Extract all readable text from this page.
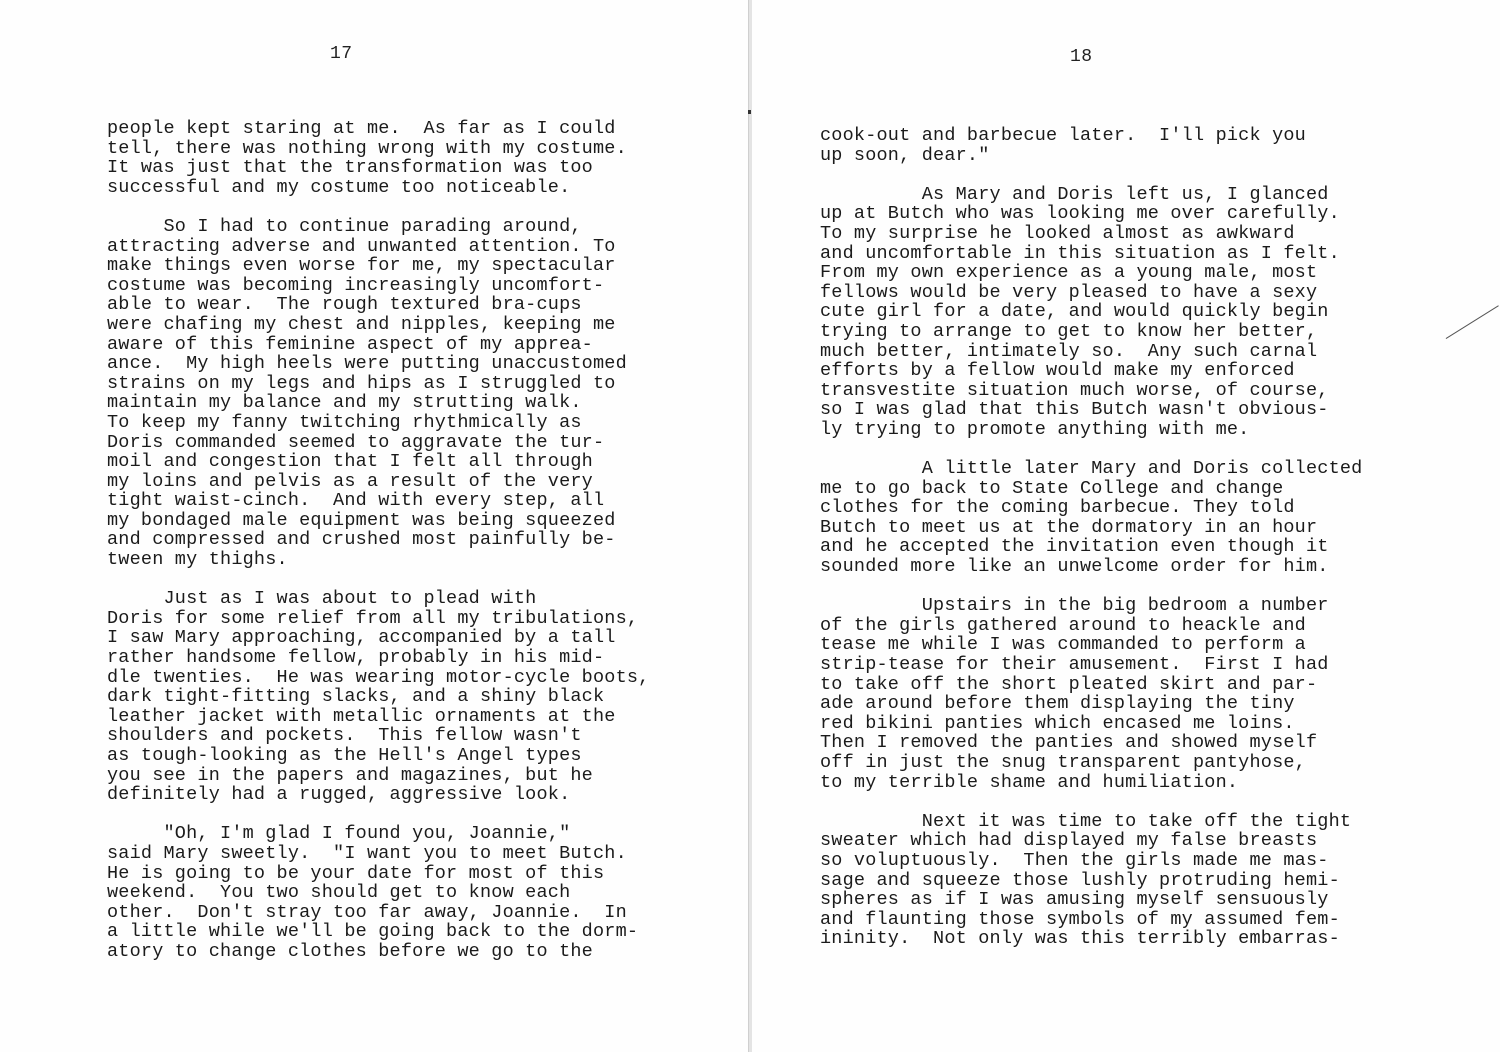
17
people kept staring at me.  As far as I could
tell, there was nothing wrong with my costume.
It was just that the transformation was too
successful and my costume too noticeable.
So I had to continue parading around,
attracting adverse and unwanted attention. To
make things even worse for me, my spectacular
costume was becoming increasingly uncomfort-
able to wear.  The rough textured bra-cups
were chafing my chest and nipples, keeping me
aware of this feminine aspect of my apprea-
ance.  My high heels were putting unaccustomed
strains on my legs and hips as I struggled to
maintain my balance and my strutting walk.
To keep my fanny twitching rhythmically as
Doris commanded seemed to aggravate the tur-
moil and congestion that I felt all through
my loins and pelvis as a result of the very
tight waist-cinch.  And with every step, all
my bondaged male equipment was being squeezed
and compressed and crushed most painfully be-
tween my thighs.
Just as I was about to plead with
Doris for some relief from all my tribulations,
I saw Mary approaching, accompanied by a tall
rather handsome fellow, probably in his mid-
dle twenties.  He was wearing motor-cycle boots,
dark tight-fitting slacks, and a shiny black
leather jacket with metallic ornaments at the
shoulders and pockets.  This fellow wasn't
as tough-looking as the Hell's Angel types
you see in the papers and magazines, but he
definitely had a rugged, aggressive look.
"Oh, I'm glad I found you, Joannie,"
said Mary sweetly.  "I want you to meet Butch.
He is going to be your date for most of this
weekend.  You two should get to know each
other.  Don't stray too far away, Joannie.  In
a little while we'll be going back to the dorm-
atory to change clothes before we go to the
18
cook-out and barbecue later.  I'll pick you
up soon, dear."
As Mary and Doris left us, I glanced
up at Butch who was looking me over carefully.
To my surprise he looked almost as awkward
and uncomfortable in this situation as I felt.
From my own experience as a young male, most
fellows would be very pleased to have a sexy
cute girl for a date, and would quickly begin
trying to arrange to get to know her better,
much better, intimately so.  Any such carnal
efforts by a fellow would make my enforced
transvestite situation much worse, of course,
so I was glad that this Butch wasn't obvious-
ly trying to promote anything with me.
A little later Mary and Doris collected
me to go back to State College and change
clothes for the coming barbecue. They told
Butch to meet us at the dormatory in an hour
and he accepted the invitation even though it
sounded more like an unwelcome order for him.
Upstairs in the big bedroom a number
of the girls gathered around to heackle and
tease me while I was commanded to perform a
strip-tease for their amusement.  First I had
to take off the short pleated skirt and par-
ade around before them displaying the tiny
red bikini panties which encased me loins.
Then I removed the panties and showed myself
off in just the snug transparent pantyhose,
to my terrible shame and humiliation.
Next it was time to take off the tight
sweater which had displayed my false breasts
so voluptuously.  Then the girls made me mas-
sage and squeeze those lushly protruding hemi-
spheres as if I was amusing myself sensuously
and flaunting those symbols of my assumed fem-
ininity.  Not only was this terribly embarras-
